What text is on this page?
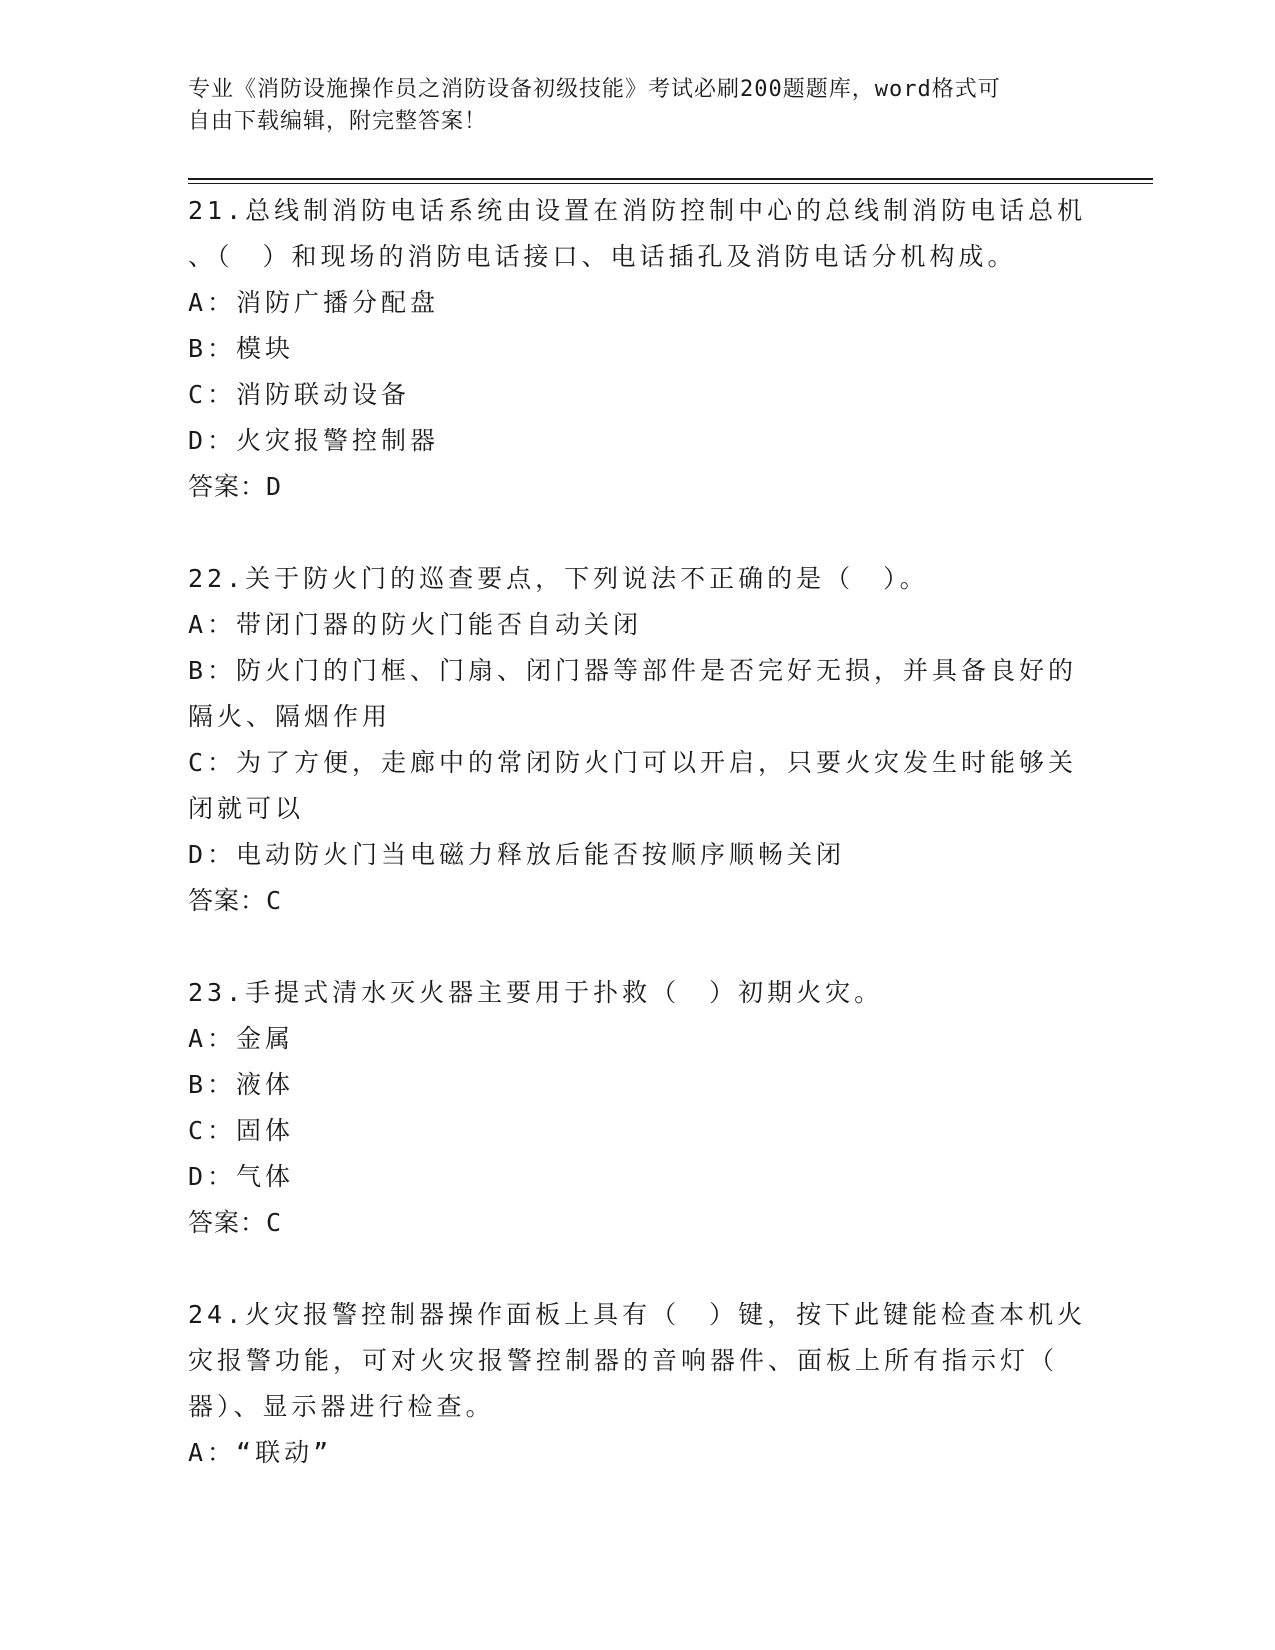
专业《消防设施操作员之消防设备初级技能》考试必刷200题题库，word格式可
自由下载编辑，附完整答案！
21.总线制消防电话系统由设置在消防控制中心的总线制消防电话总机
、（　）和现场的消防电话接口、电话插孔及消防电话分机构成。
A：消防广播分配盘
B：模块
C：消防联动设备
D：火灾报警控制器
答案：D
22.关于防火门的巡查要点，下列说法不正确的是（　）。
A：带闭门器的防火门能否自动关闭
B：防火门的门框、门扇、闭门器等部件是否完好无损，并具备良好的
隔火、隔烟作用
C：为了方便，走廊中的常闭防火门可以开启，只要火灾发生时能够关
闭就可以
D：电动防火门当电磁力释放后能否按顺序顺畅关闭
答案：C
23.手提式清水灭火器主要用于扑救（　）初期火灾。
A：金属
B：液体
C：固体
D：气体
答案：C
24.火灾报警控制器操作面板上具有（　）键，按下此键能检查本机火
灾报警功能，可对火灾报警控制器的音响器件、面板上所有指示灯（
器）、显示器进行检查。
A：“联动”
